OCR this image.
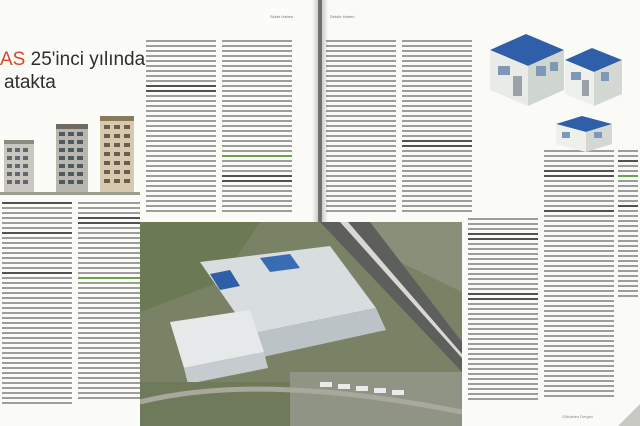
Sirket Haberi
AS 25'inci yılında
atakta
Sektör Haberi
Gökdelen Dergisi
